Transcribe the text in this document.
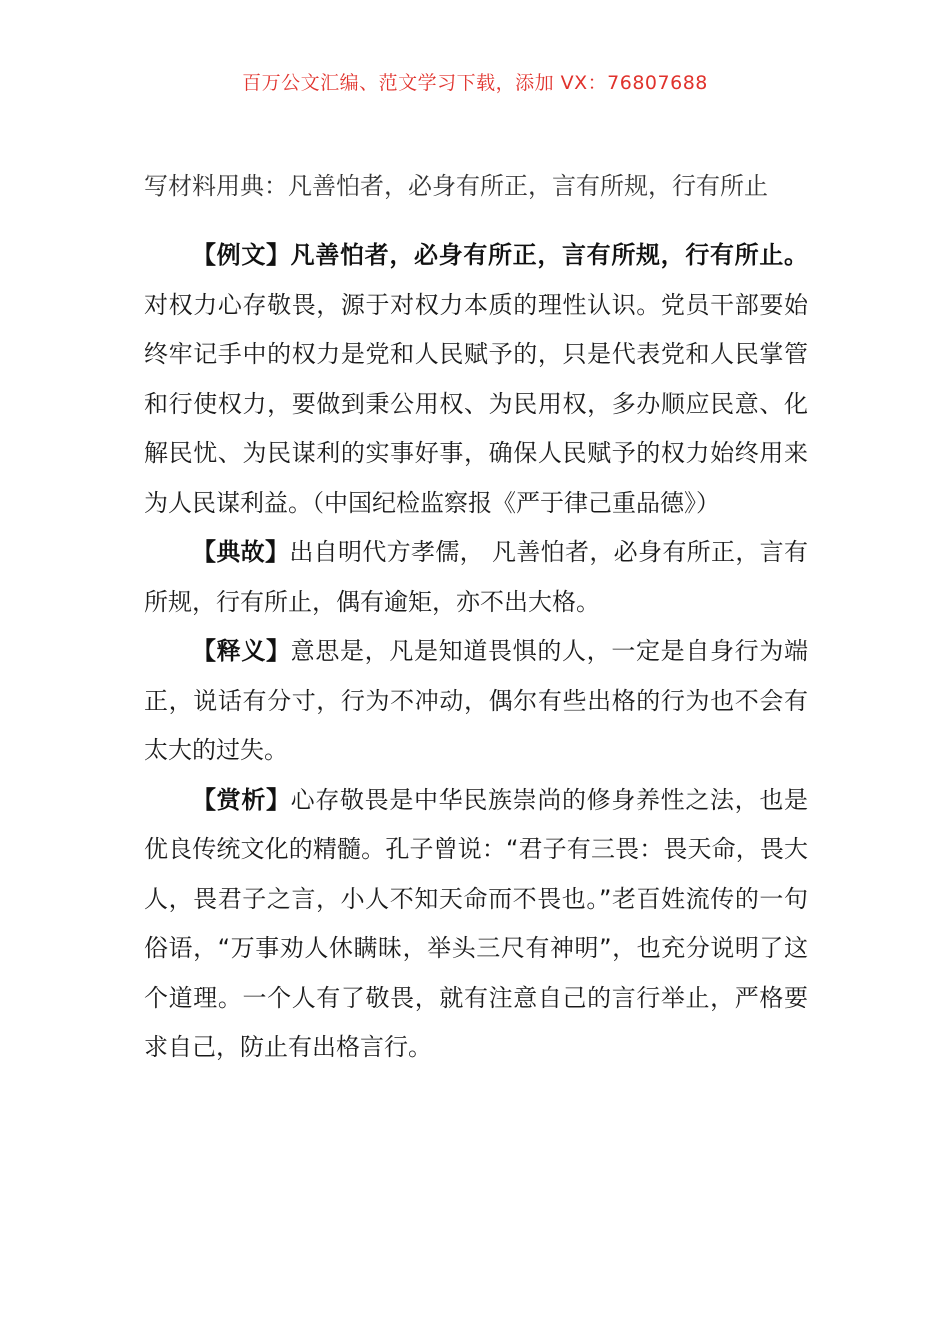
百万公文汇编、范文学习下载，添加 VX：76807688

写材料用典：凡善怕者，必身有所正，言有所规，行有所止

【例文】凡善怕者，必身有所正，言有所规，行有所止。对权力心存敬畏，源于对权力本质的理性认识。党员干部要始终牢记手中的权力是党和人民赋予的，只是代表党和人民掌管和行使权力，要做到秉公用权、为民用权，多办顺应民意、化解民忧、为民谋利的实事好事，确保人民赋予的权力始终用来为人民谋利益。（中国纪检监察报《严于律己重品德》）

【典故】出自明代方孝儒， 凡善怕者，必身有所正，言有所规，行有所止，偶有逾矩，亦不出大格。

【释义】意思是，凡是知道畏惧的人，一定是自身行为端正，说话有分寸，行为不冲动，偶尔有些出格的行为也不会有太大的过失。

【赏析】心存敬畏是中华民族崇尚的修身养性之法，也是优良传统文化的精髓。孔子曾说：“君子有三畏：畏天命，畏大人，畏君子之言，小人不知天命而不畏也。”老百姓流传的一句俗语，“万事劝人休瞒昧，举头三尺有神明”，也充分说明了这个道理。一个人有了敬畏，就有注意自己的言行举止，严格要求自己，防止有出格言行。
